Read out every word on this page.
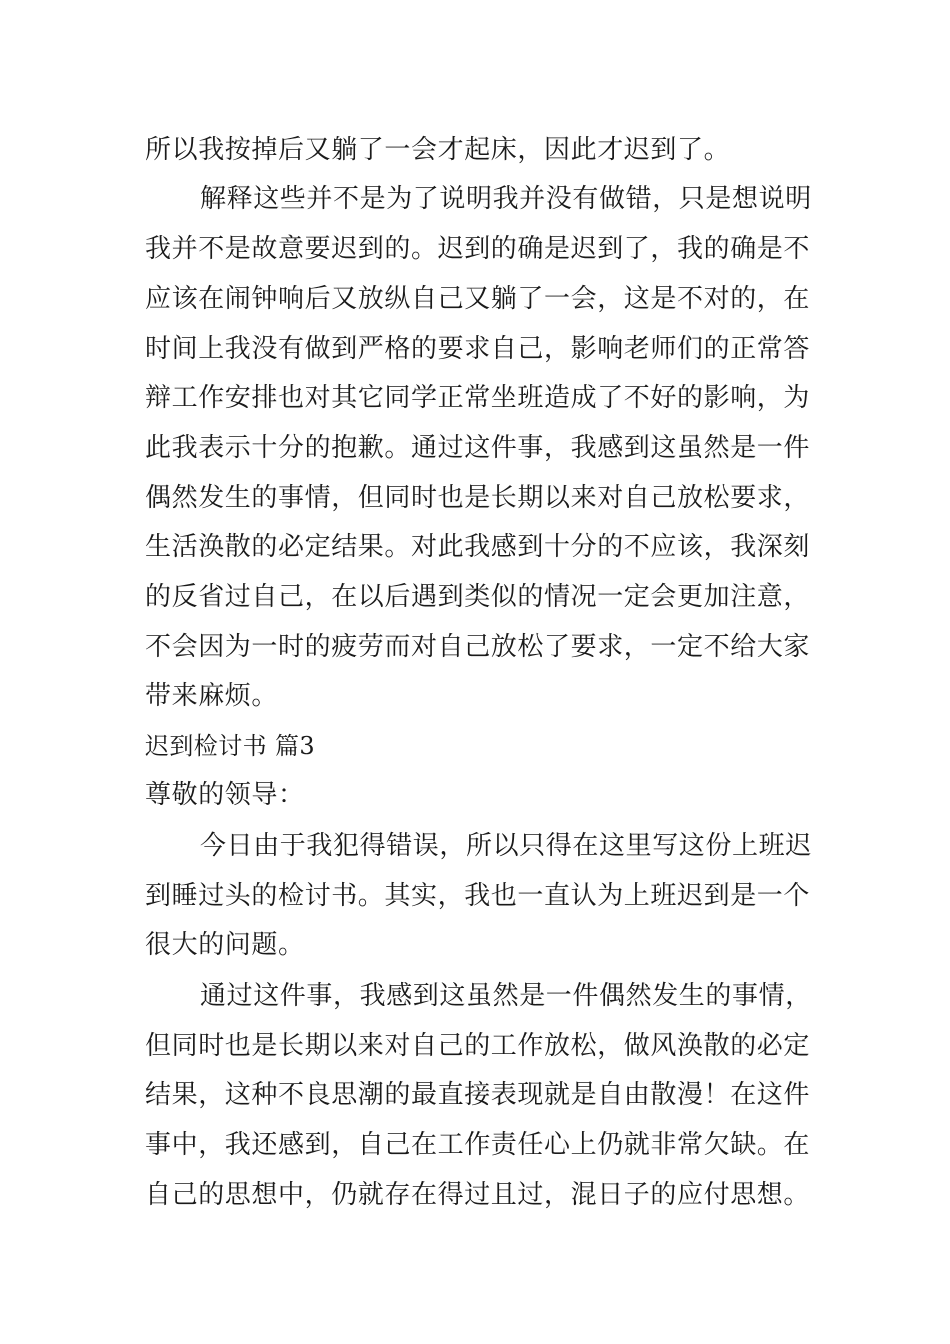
所以我按掉后又躺了一会才起床，因此才迟到了。
解释这些并不是为了说明我并没有做错，只是想说明
我并不是故意要迟到的。迟到的确是迟到了，我的确是不
应该在闹钟响后又放纵自己又躺了一会，这是不对的，在
时间上我没有做到严格的要求自己，影响老师们的正常答
辩工作安排也对其它同学正常坐班造成了不好的影响，为
此我表示十分的抱歉。通过这件事，我感到这虽然是一件
偶然发生的事情，但同时也是长期以来对自己放松要求，
生活涣散的必定结果。对此我感到十分的不应该，我深刻
的反省过自己，在以后遇到类似的情况一定会更加注意，
不会因为一时的疲劳而对自己放松了要求，一定不给大家
带来麻烦。
迟到检讨书 篇3
尊敬的领导：
今日由于我犯得错误，所以只得在这里写这份上班迟
到睡过头的检讨书。其实，我也一直认为上班迟到是一个
很大的问题。
通过这件事，我感到这虽然是一件偶然发生的事情，
但同时也是长期以来对自己的工作放松，做风涣散的必定
结果，这种不良思潮的最直接表现就是自由散漫！在这件
事中，我还感到，自己在工作责任心上仍就非常欠缺。在
自己的思想中，仍就存在得过且过，混日子的应付思想。
